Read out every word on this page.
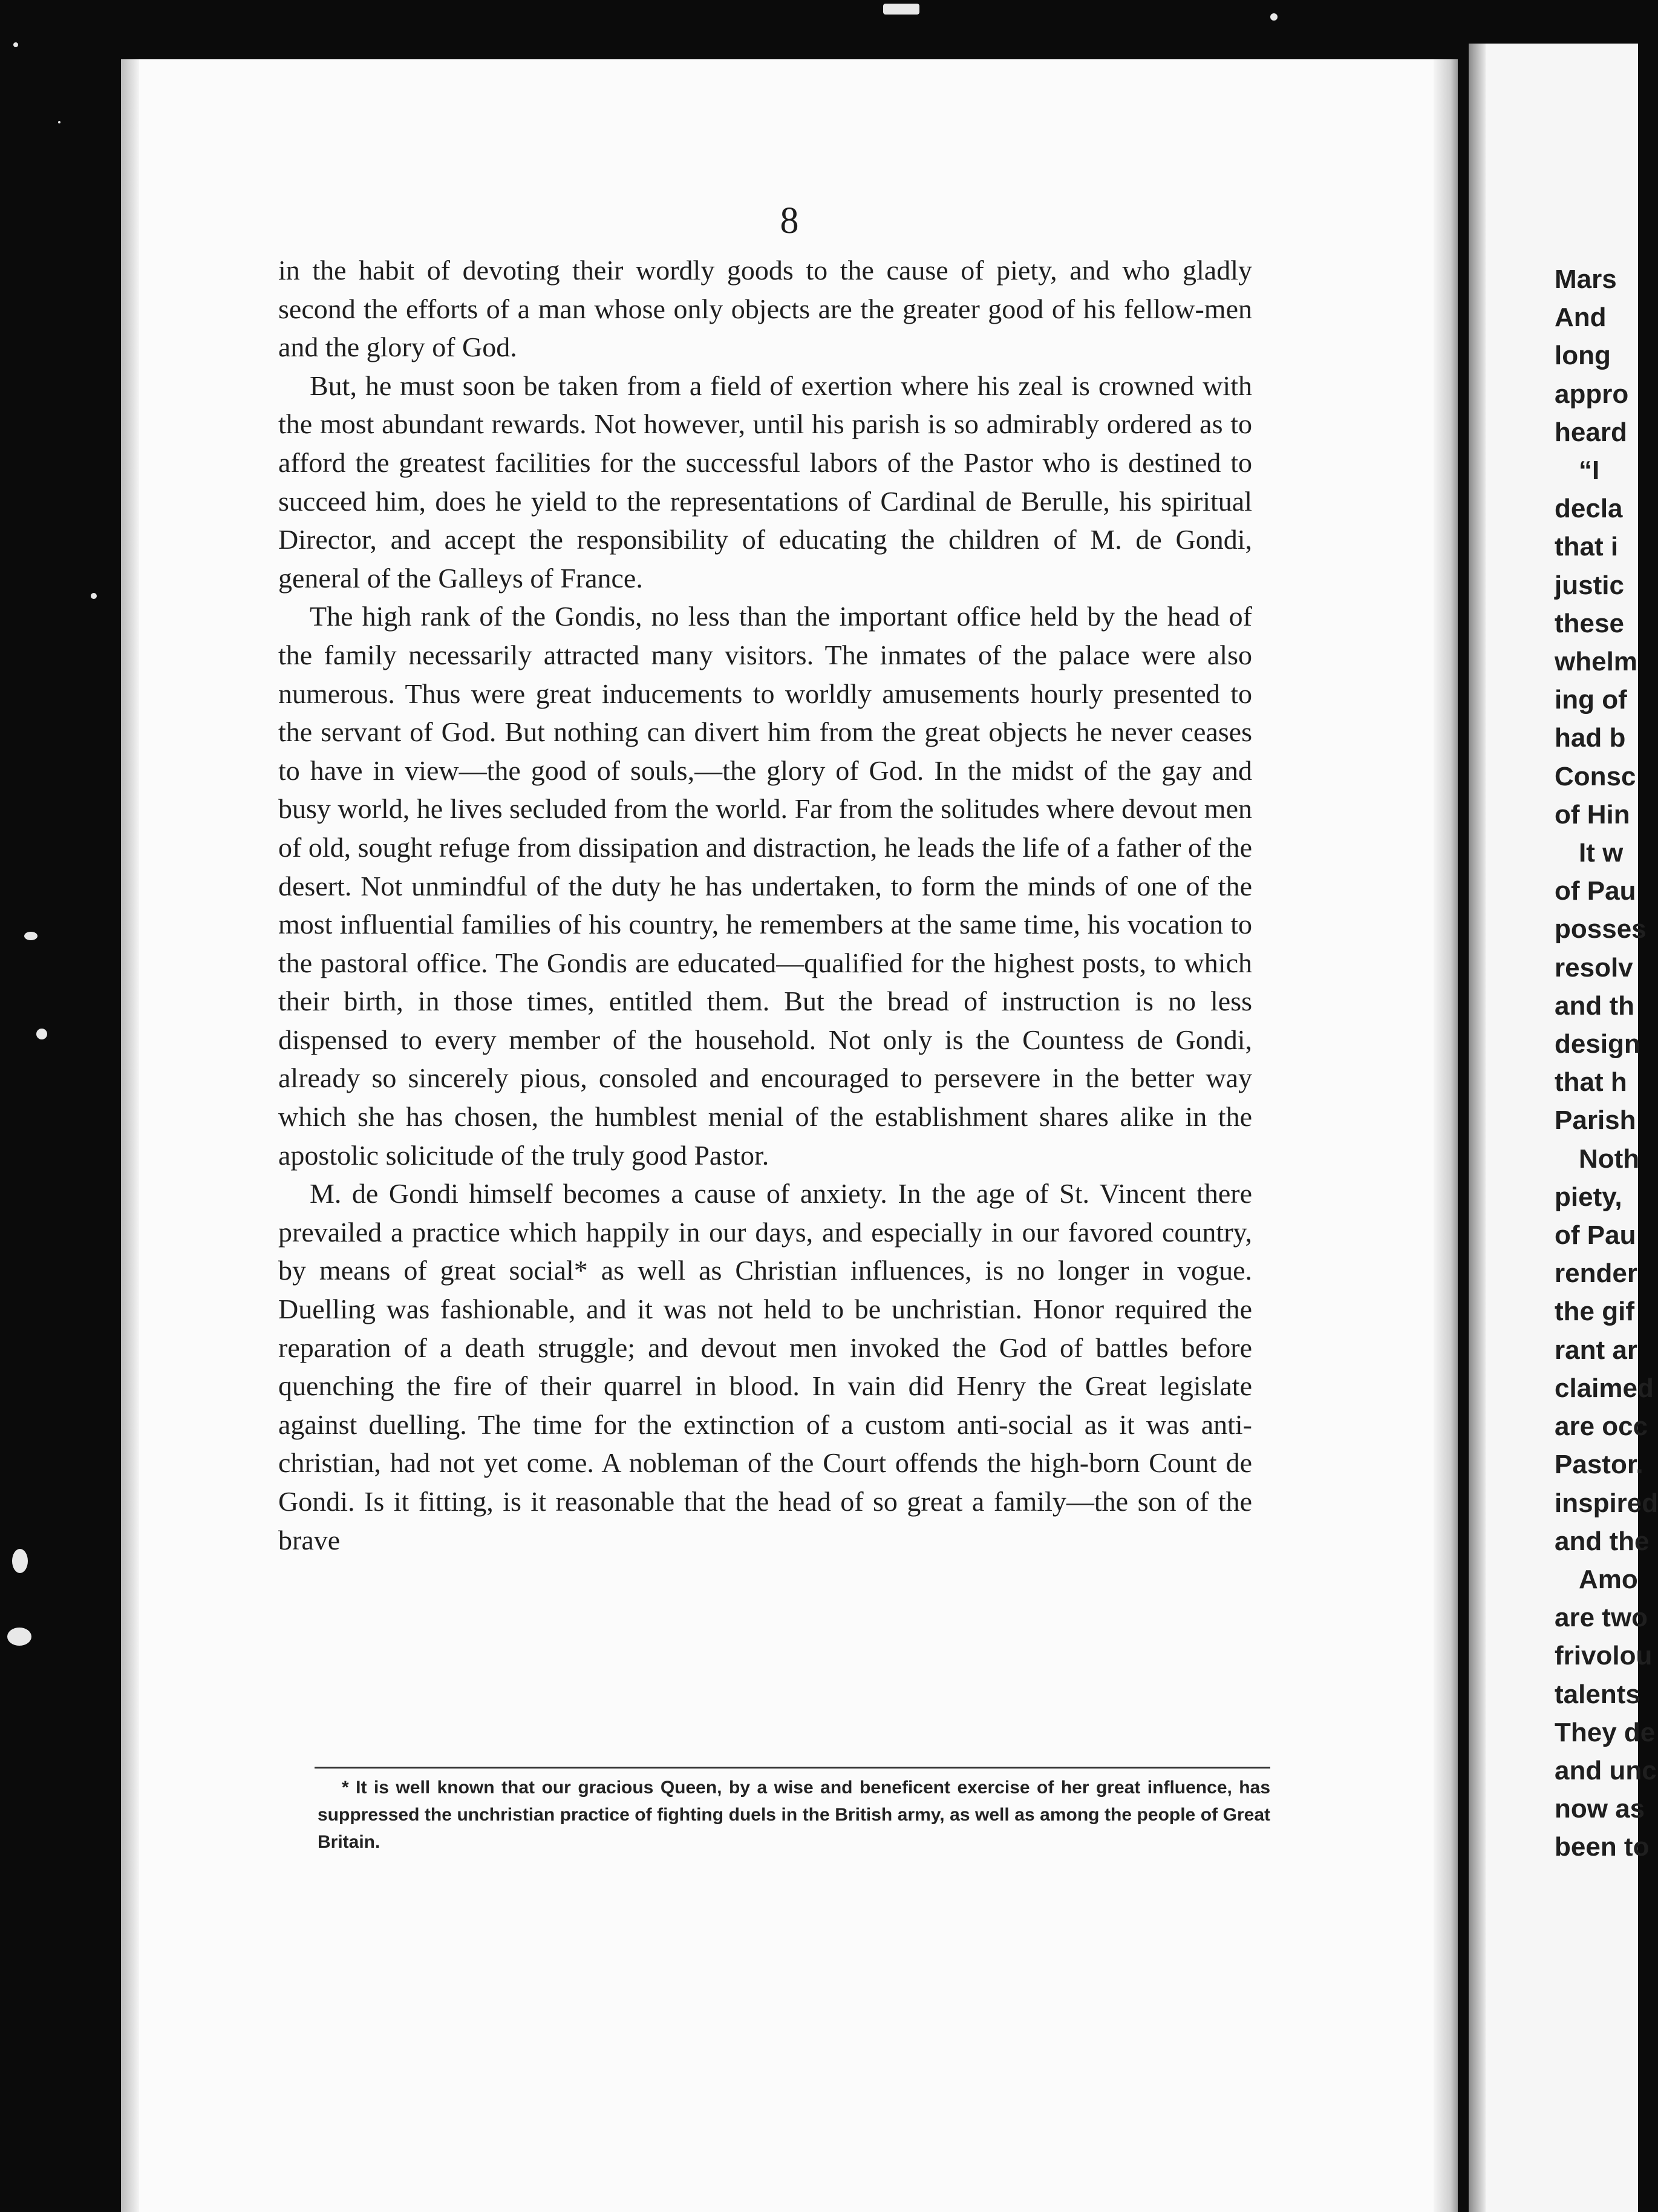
8

in the habit of devoting their wordly goods to the cause of piety, and who gladly second the efforts of a man whose only objects are the greater good of his fellow-men and the glory of God.

But, he must soon be taken from a field of exertion where his zeal is crowned with the most abundant rewards. Not however, until his parish is so admirably ordered as to afford the greatest facilities for the successful labors of the Pastor who is destined to succeed him, does he yield to the representations of Cardinal de Berulle, his spiritual Director, and accept the responsibility of educating the children of M. de Gondi, general of the Galleys of France.

The high rank of the Gondis, no less than the important office held by the head of the family necessarily attracted many visitors. The inmates of the palace were also numerous. Thus were great inducements to worldly amusements hourly presented to the servant of God. But nothing can divert him from the great objects he never ceases to have in view—the good of souls,—the glory of God. In the midst of the gay and busy world, he lives secluded from the world. Far from the solitudes where devout men of old, sought refuge from dissipation and distraction, he leads the life of a father of the desert. Not unmindful of the duty he has undertaken, to form the minds of one of the most influential families of his country, he remembers at the same time, his vocation to the pastoral office. The Gondis are educated—qualified for the highest posts, to which their birth, in those times, entitled them. But the bread of instruction is no less dispensed to every member of the household. Not only is the Countess de Gondi, already so sincerely pious, consoled and encouraged to persevere in the better way which she has chosen, the humblest menial of the establishment shares alike in the apostolic solicitude of the truly good Pastor.

M. de Gondi himself becomes a cause of anxiety. In the age of St. Vincent there prevailed a practice which happily in our days, and especially in our favored country, by means of great social* as well as Christian influences, is no longer in vogue. Duelling was fashionable, and it was not held to be unchristian. Honor required the reparation of a death struggle; and devout men invoked the God of battles before quenching the fire of their quarrel in blood. In vain did Henry the Great legislate against duelling. The time for the extinction of a custom anti-social as it was anti-christian, had not yet come. A nobleman of the Court offends the high-born Count de Gondi. Is it fitting, is it reasonable that the head of so great a family—the son of the brave

* It is well known that our gracious Queen, by a wise and beneficent exercise of her great influence, has suppressed the unchristian practice of fighting duels in the British army, as well as among the people of Great Britain.
Mars
And
long
appro
heard
“I
decla
that i
justic
these
whelm
ing of
had b
Consc
of Hin
It w
of Pau
posses
resolv
and th
design
that h
Parish
Noth
piety,
of Pau
render
the gif
rant ar
claimed
are occ
Pastor.
inspired
and the
Amo
are two
frivolou
talents
They de
and unc
now as
been to
